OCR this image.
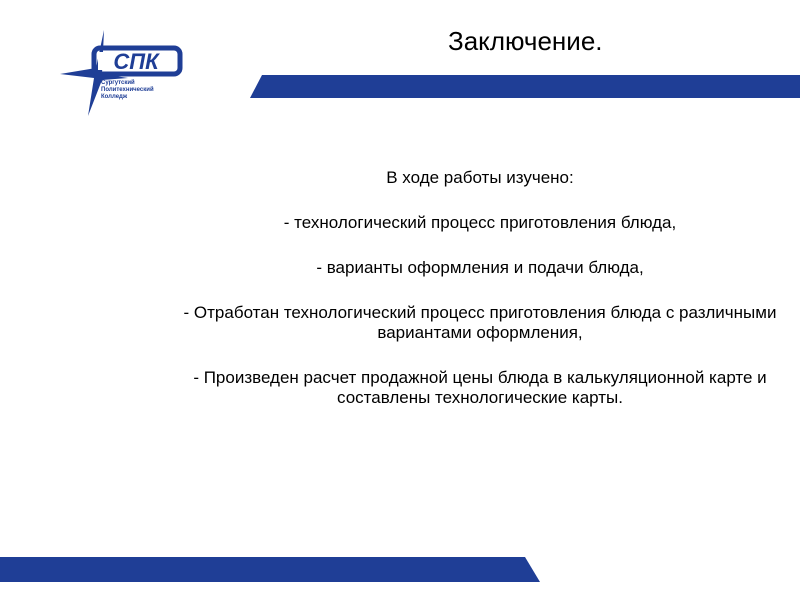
СПК
Сургутский
Политехнический
Колледж
Заключение.

В ходе работы изучено:

- технологический процесс приготовления блюда,

- варианты оформления и подачи блюда,

- Отработан технологический процесс приготовления блюда с различными вариантами оформления,

- Произведен расчет продажной цены блюда в калькуляционной карте и составлены технологические карты.
